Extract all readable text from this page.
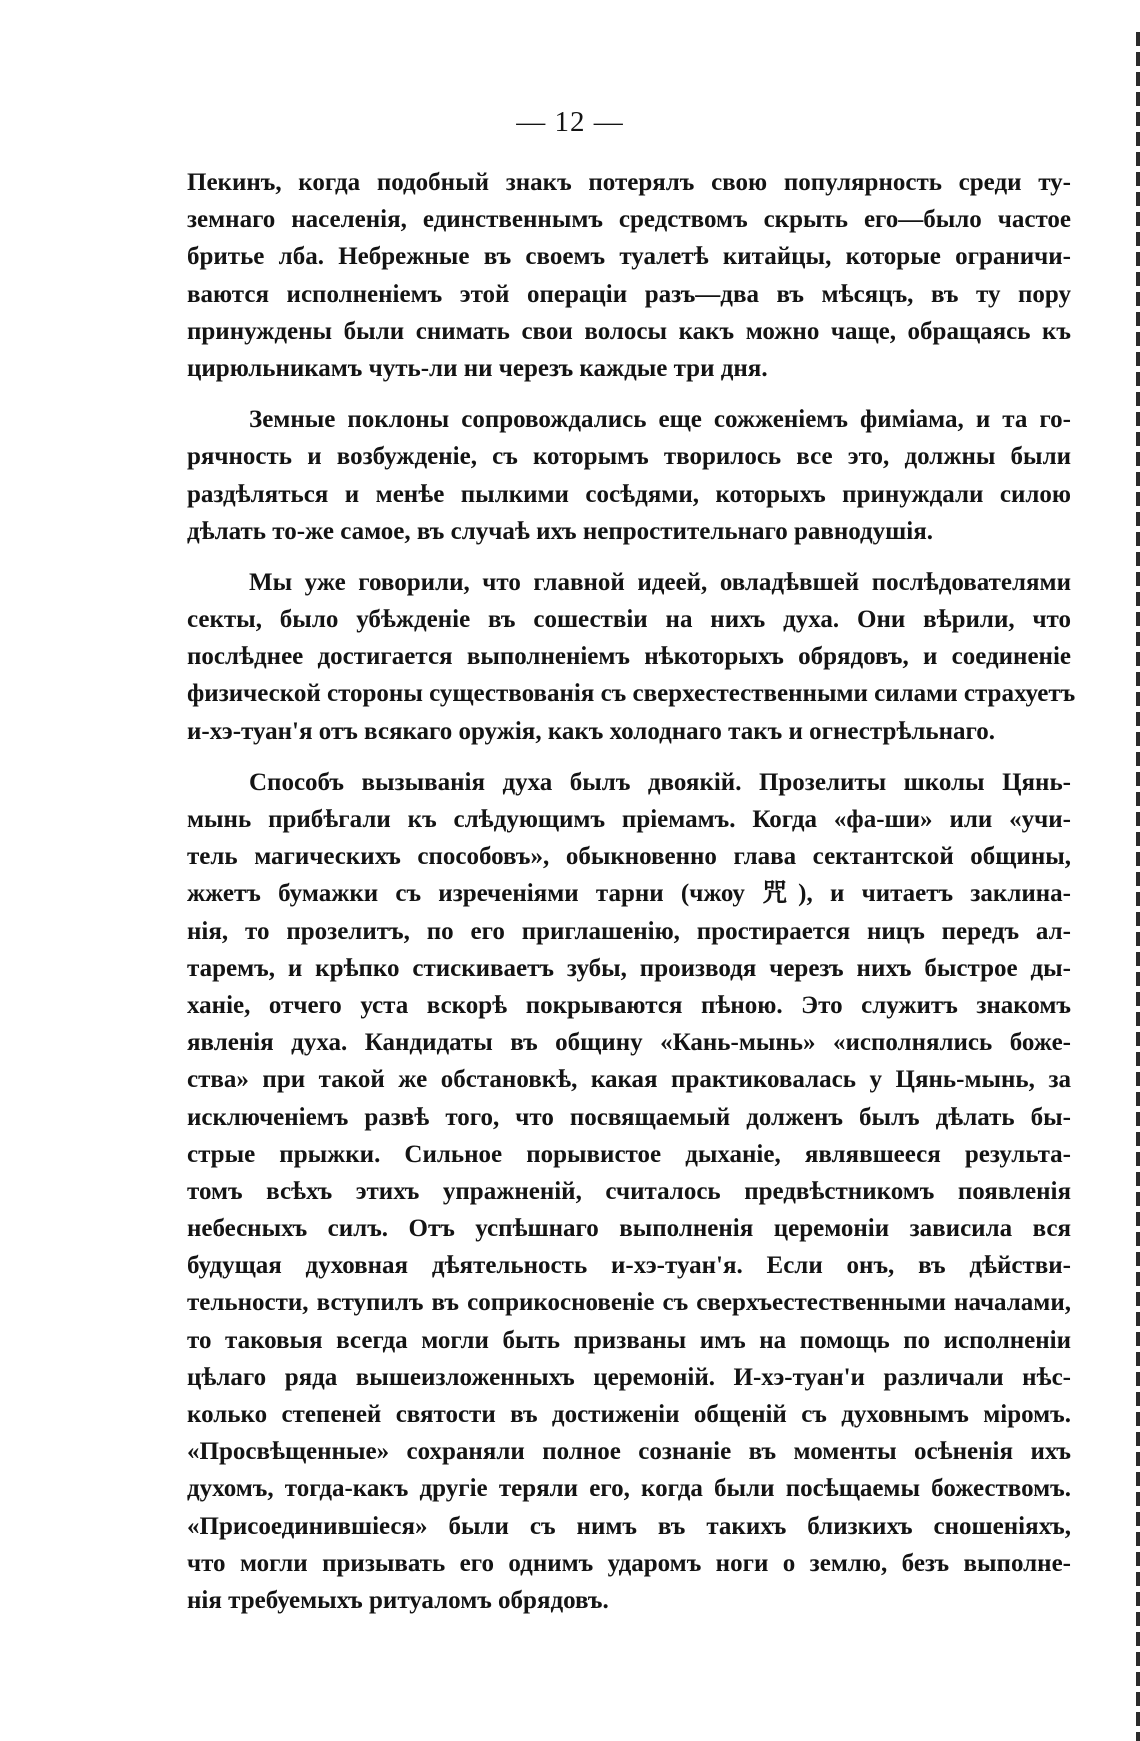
— 12 —
Пекинъ, когда подобный знакъ потерялъ свою популярность среди ту-
земнаго населенія, единственнымъ средствомъ скрыть его—было частое
бритье лба. Небрежные въ своемъ туалетѣ китайцы, которые ограничи-
ваются исполненіемъ этой операціи разъ—два въ мѣсяцъ, въ ту пору
принуждены были снимать свои волосы какъ можно чаще, обращаясь къ
цирюльникамъ чуть-ли ни черезъ каждые три дня.
Земные поклоны сопровождались еще сожженіемъ фиміама, и та го-
рячность и возбужденіе, съ которымъ творилось все это, должны были
раздѣляться и менѣе пылкими сосѣдями, которыхъ принуждали силою
дѣлать то-же самое, въ случаѣ ихъ непростительнаго равнодушія.
Мы уже говорили, что главной идеей, овладѣвшей послѣдователями
секты, было убѣжденіе въ сошествіи на нихъ духа. Они вѣрили, что
послѣднее достигается выполненіемъ нѣкоторыхъ обрядовъ, и соединеніе
физической стороны существованія съ сверхестественными силами страхуетъ
и-хэ-туан'я отъ всякаго оружія, какъ холоднаго такъ и огнестрѣльнаго.
Способъ вызыванія духа былъ двоякій. Прозелиты школы Цянь-
мынь прибѣгали къ слѣдующимъ пріемамъ. Когда «фа-ши» или «учи-
тель магическихъ способовъ», обыкновенно глава сектантской общины,
жжетъ бумажки съ изреченіями тарни (чжоу 咒), и читаетъ заклина-
нія, то прозелитъ, по его приглашенію, простирается ницъ передъ ал-
таремъ, и крѣпко стискиваетъ зубы, производя черезъ нихъ быстрое ды-
ханіе, отчего уста вскорѣ покрываются пѣною. Это служитъ знакомъ
явленія духа. Кандидаты въ общину «Кань-мынь» «исполнялись боже-
ства» при такой же обстановкѣ, какая практиковалась у Цянь-мынь, за
исключеніемъ развѣ того, что посвящаемый долженъ былъ дѣлать бы-
стрые прыжки. Сильное порывистое дыханіе, являвшееся результа-
томъ всѣхъ этихъ упражненій, считалось предвѣстникомъ появленія
небесныхъ силъ. Отъ успѣшнаго выполненія церемоніи зависила вся
будущая духовная дѣятельность и-хэ-туан'я. Если онъ, въ дѣйстви-
тельности, вступилъ въ соприкосновеніе съ сверхъестественными началами,
то таковыя всегда могли быть призваны имъ на помощь по исполненіи
цѣлаго ряда вышеизложенныхъ церемоній. И-хэ-туан'и различали нѣс-
колько степеней святости въ достиженіи общеній съ духовнымъ міромъ.
«Просвѣщенные» сохраняли полное сознаніе въ моменты осѣненія ихъ
духомъ, тогда-какъ другіе теряли его, когда были посѣщаемы божествомъ.
«Присоединившіеся» были съ нимъ въ такихъ близкихъ сношеніяхъ,
что могли призывать его однимъ ударомъ ноги о землю, безъ выполне-
нія требуемыхъ ритуаломъ обрядовъ.
